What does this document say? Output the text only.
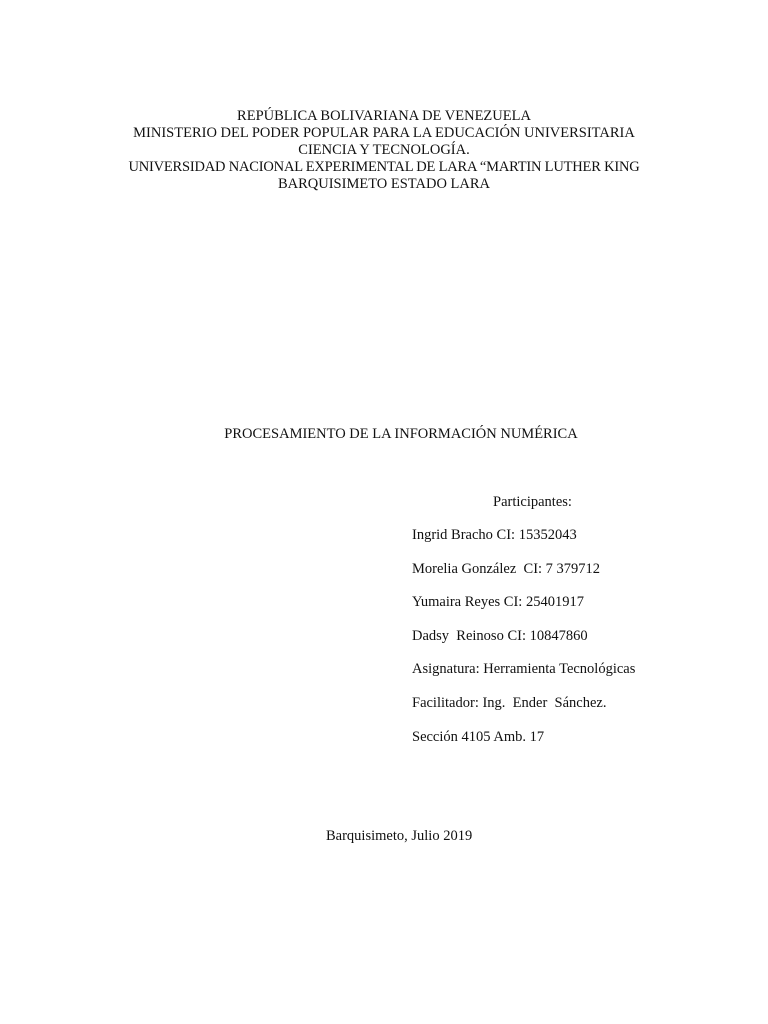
REPÚBLICA BOLIVARIANA DE VENEZUELA
MINISTERIO DEL PODER POPULAR PARA LA EDUCACIÓN UNIVERSITARIA
CIENCIA Y TECNOLOGÍA.
UNIVERSIDAD NACIONAL EXPERIMENTAL DE LARA “MARTIN LUTHER KING
BARQUISIMETO ESTADO LARA
PROCESAMIENTO DE LA INFORMACIÓN NUMÉRICA
Participantes:
Ingrid Bracho CI: 15352043
Morelia González  CI: 7 379712
Yumaira Reyes CI: 25401917
Dadsy  Reinoso CI: 10847860
Asignatura: Herramienta Tecnológicas
Facilitador: Ing.  Ender  Sánchez.
Sección 4105 Amb. 17
Barquisimeto, Julio 2019
